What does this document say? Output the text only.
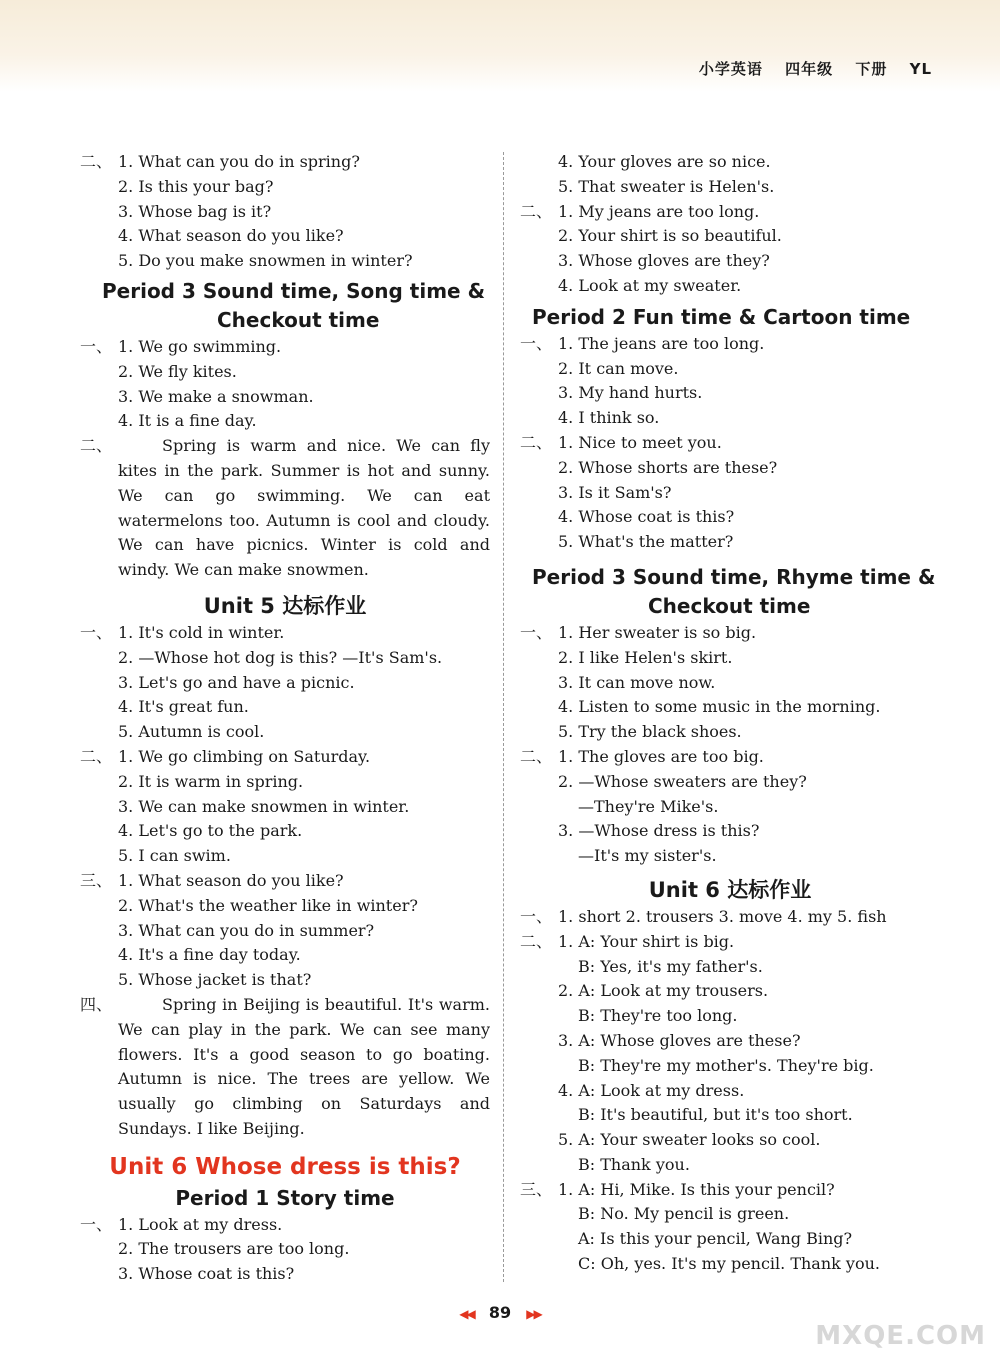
小学英语 四年级 下册 YL
二、 1. What can you do in spring?
2. Is this your bag?
3. Whose bag is it?
4. What season do you like?
5. Do you make snowmen in winter?
Period 3 Sound time, Song time &
Checkout time
一、 1. We go swimming.
2. We fly kites.
3. We make a snowman.
4. It is a fine day.
二、	Spring is warm and nice. We can fly kites in the park. Summer is hot and sunny. We can go swimming. We can eat watermelons too. Autumn is cool and cloudy. We can have picnics. Winter is cold and windy. We can make snowmen.
Unit 5 达标作业
一、 1. It's cold in winter.
2. —Whose hot dog is this? —It's Sam's.
3. Let's go and have a picnic.
4. It's great fun.
5. Autumn is cool.
二、 1. We go climbing on Saturday.
2. It is warm in spring.
3. We can make snowmen in winter.
4. Let's go to the park.
5. I can swim.
三、 1. What season do you like?
2. What's the weather like in winter?
3. What can you do in summer?
4. It's a fine day today.
5. Whose jacket is that?
四、	Spring in Beijing is beautiful. It's warm. We can play in the park. We can see many flowers. It's a good season to go boating. Autumn is nice. The trees are yellow. We usually go climbing on Saturdays and Sundays. I like Beijing.
Unit 6 Whose dress is this?
Period 1 Story time
一、 1. Look at my dress.
2. The trousers are too long.
3. Whose coat is this?
4. Your gloves are so nice.
5. That sweater is Helen's.
二、 1. My jeans are too long.
2. Your shirt is so beautiful.
3. Whose gloves are they?
4. Look at my sweater.
Period 2 Fun time & Cartoon time
一、 1. The jeans are too long.
2. It can move.
3. My hand hurts.
4. I think so.
二、 1. Nice to meet you.
2. Whose shorts are these?
3. Is it Sam's?
4. Whose coat is this?
5. What's the matter?
Period 3 Sound time, Rhyme time &
Checkout time
一、 1. Her sweater is so big.
2. I like Helen's skirt.
3. It can move now.
4. Listen to some music in the morning.
5. Try the black shoes.
二、 1. The gloves are too big.
2. —Whose sweaters are they?
—They're Mike's.
3. —Whose dress is this?
—It's my sister's.
Unit 6 达标作业
一、 1. short 2. trousers 3. move 4. my 5. fish
二、 1. A: Your shirt is big.
B: Yes, it's my father's.
2. A: Look at my trousers.
B: They're too long.
3. A: Whose gloves are these?
B: They're my mother's. They're big.
4. A: Look at my dress.
B: It's beautiful, but it's too short.
5. A: Your sweater looks so cool.
B: Thank you.
三、 1. A: Hi, Mike. Is this your pencil?
B: No. My pencil is green.
A: Is this your pencil, Wang Bing?
C: Oh, yes. It's my pencil. Thank you.
◀◀ 89 ▶▶
MXQE.COM
